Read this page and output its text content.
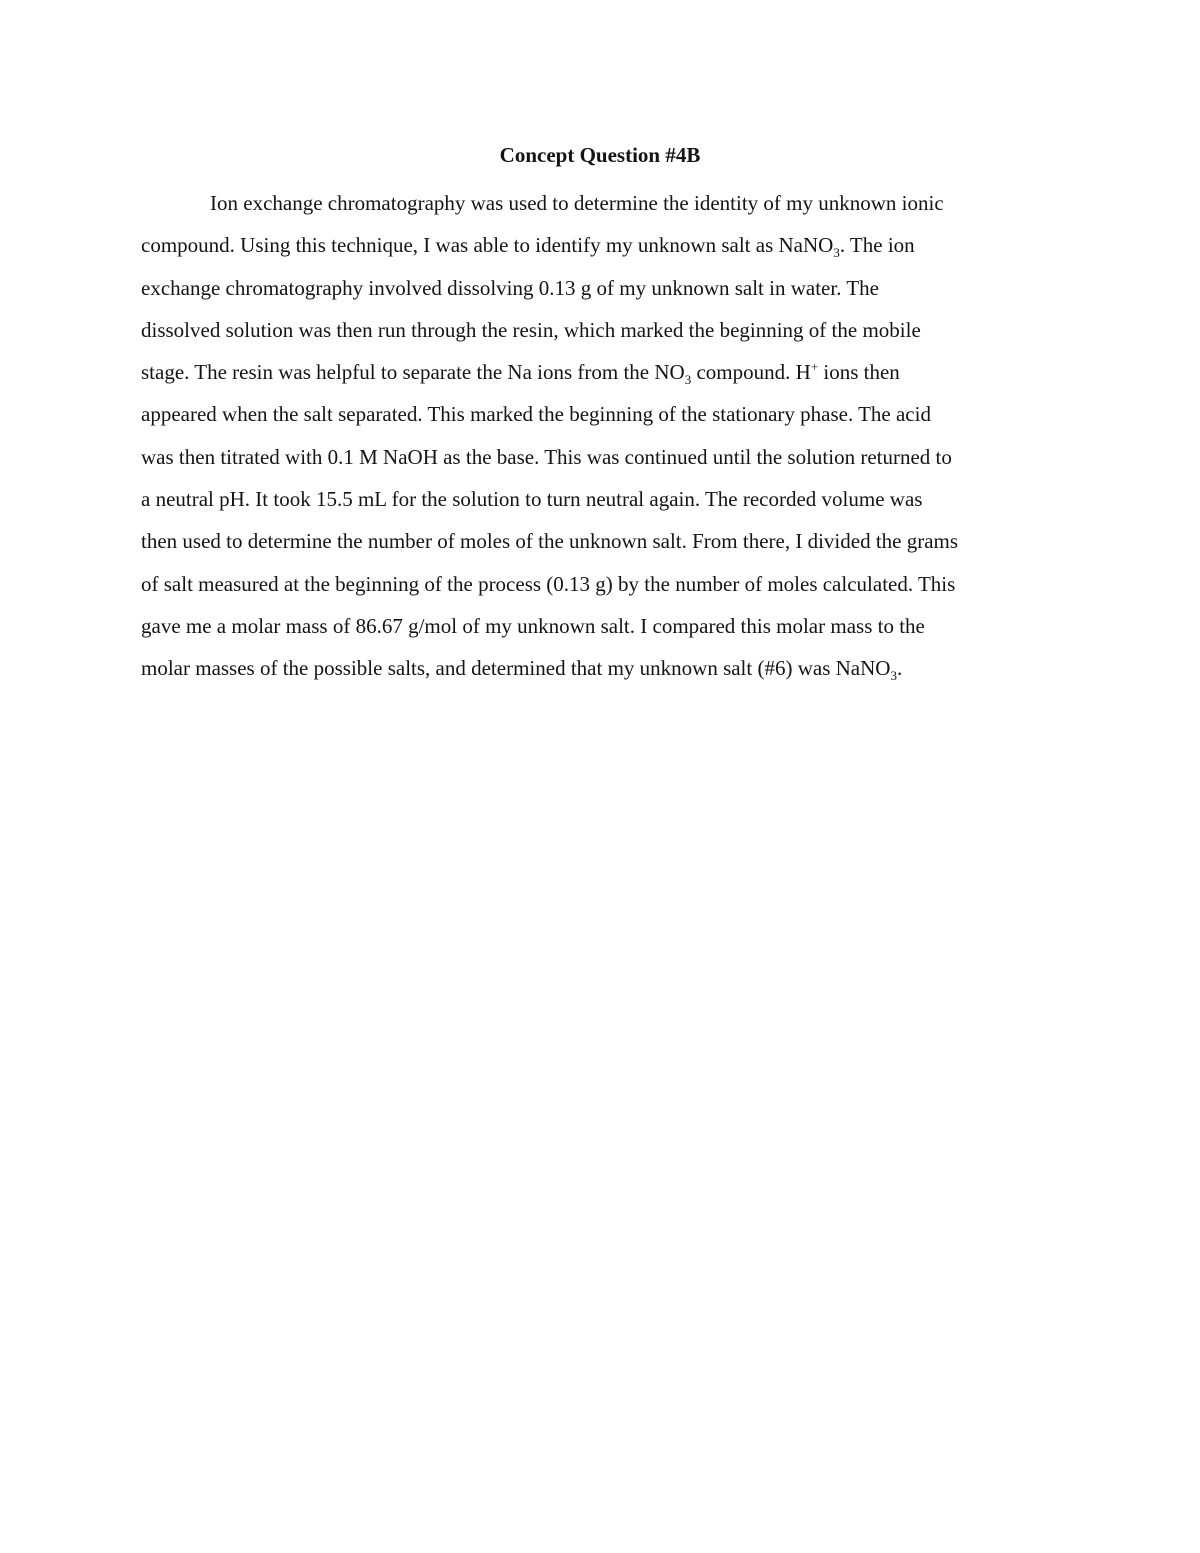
Concept Question #4B
Ion exchange chromatography was used to determine the identity of my unknown ionic
compound. Using this technique, I was able to identify my unknown salt as NaNO$_3$. The ion
exchange chromatography involved dissolving 0.13 g of my unknown salt in water. The
dissolved solution was then run through the resin, which marked the beginning of the mobile
stage. The resin was helpful to separate the Na ions from the $NO_3$ compound. H+ ions then
appeared when the salt separated. This marked the beginning of the stationary phase. The acid
was then titrated with 0.1 M NaOH as the base. This was continued until the solution returned to
a neutral pH. It took 15.5 mL for the solution to turn neutral again. The recorded volume was
then used to determine the number of moles of the unknown salt. From there, I divided the grams
of salt measured at the beginning of the process (0.13 g) by the number of moles calculated. This
gave me a molar mass of 86.67 g/mol of my unknown salt. I compared this molar mass to the
molar masses of the possible salts, and determined that my unknown salt (#6) was NaNO$_3$.
